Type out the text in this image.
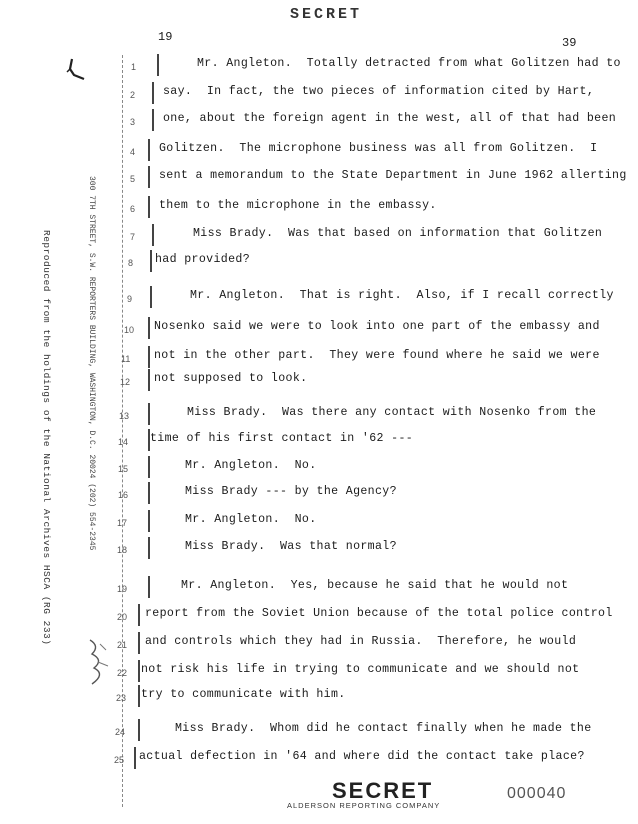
SECRET
19	39
Reproduced from the holdings of the National Archives HSCA (RG 233)	300 7TH STREET, S.W. REPORTERS BUILDING, WASHINGTON, D.C. 20024 (202) 554-2345
1	Mr. Angleton.  Totally detracted from what Golitzen had to
2 say.  In fact, the two pieces of information cited by Hart,
3 one, about the foreign agent in the west, all of that had been
4 Golitzen.  The microphone business was all from Golitzen.  I
5 sent a memorandum to the State Department in June 1962 allerting
6 them to the microphone in the embassy.
7	Miss Brady.  Was that based on information that Golitzen
8 had provided?
9	Mr. Angleton.  That is right.  Also, if I recall correctly
10 Nosenko said we were to look into one part of the embassy and
11 not in the other part.  They were found where he said we were
12 not supposed to look.
13	Miss Brady.  Was there any contact with Nosenko from the
14 time of his first contact in '62 ---
15	Mr. Angleton.  No.
16	Miss Brady --- by the Agency?
17	Mr. Angleton.  No.
18	Miss Brady.  Was that normal?
19	Mr. Angleton.  Yes, because he said that he would not
20 report from the Soviet Union because of the total police control
21 and controls which they had in Russia.  Therefore, he would
22 not risk his life in trying to communicate and we should not
23 try to communicate with him.
24	Miss Brady.  Whom did he contact finally when he made the
25 actual defection in '64 and where did the contact take place?
SECRET
ALDERSON REPORTING COMPANY
000040
